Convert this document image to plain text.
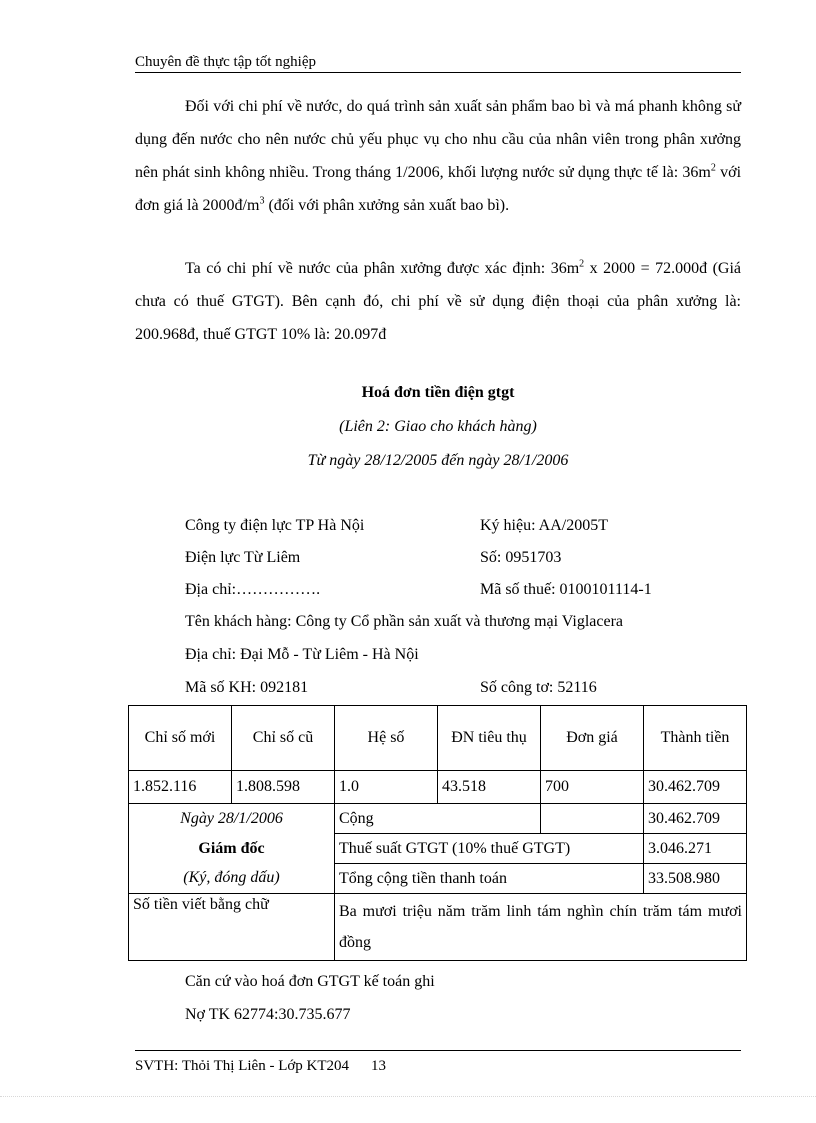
Chuyên đề thực tập tốt nghiệp

Đối với chi phí về nước, do quá trình sản xuất sản phẩm bao bì và má phanh không sử dụng đến nước cho nên nước chủ yếu phục vụ cho nhu cầu của nhân viên trong phân xưởng nên phát sinh không nhiều. Trong tháng 1/2006, khối lượng nước sử dụng thực tế là: $36m^2$ với đơn giá là $2000đ/m^3$ (đối với phân xưởng sản xuất bao bì).

Ta có chi phí về nước của phân xưởng được xác định: $36m^2$ x 2000 = 72.000đ (Giá chưa có thuế GTGT). Bên cạnh đó, chi phí về sử dụng điện thoại của phân xưởng là: 200.968đ, thuế GTGT 10% là: 20.097đ

Hoá đơn tiền điện gtgt
(Liên 2: Giao cho khách hàng)
Từ ngày 28/12/2005 đến ngày 28/1/2006
Công ty điện lực TP Hà Nội	Ký hiệu: AA/2005T
Điện lực Từ Liêm	Số: 0951703
Địa chỉ:…………….	Mã số thuế: 0100101114-1
Tên khách hàng: Công ty Cổ phần sản xuất và thương mại Viglacera
Địa chỉ: Đại Mỗ - Từ Liêm - Hà Nội
Mã số KH: 092181	Số công tơ: 52116
Chỉ số mới	Chỉ số cũ	Hệ số	ĐN tiêu thụ	Đơn giá	Thành tiền
1.852.116	1.808.598	1.0	43.518	700	30.462.709
Ngày 28/1/2006		Cộng			30.462.709
Giám đốc		Thuế suất GTGT (10% thuế GTGT)			3.046.271
(Ký, đóng dấu)		Tổng cộng tiền thanh toán			33.508.980
Số tiền viết bằng chữ		Ba mươi triệu năm trăm linh tám nghìn chín trăm tám mươi đồng			
Căn cứ vào hoá đơn GTGT kế toán ghi
Nợ TK 62774:30.735.677
SVTH: Thỏi Thị Liên - Lớp KT204 13
